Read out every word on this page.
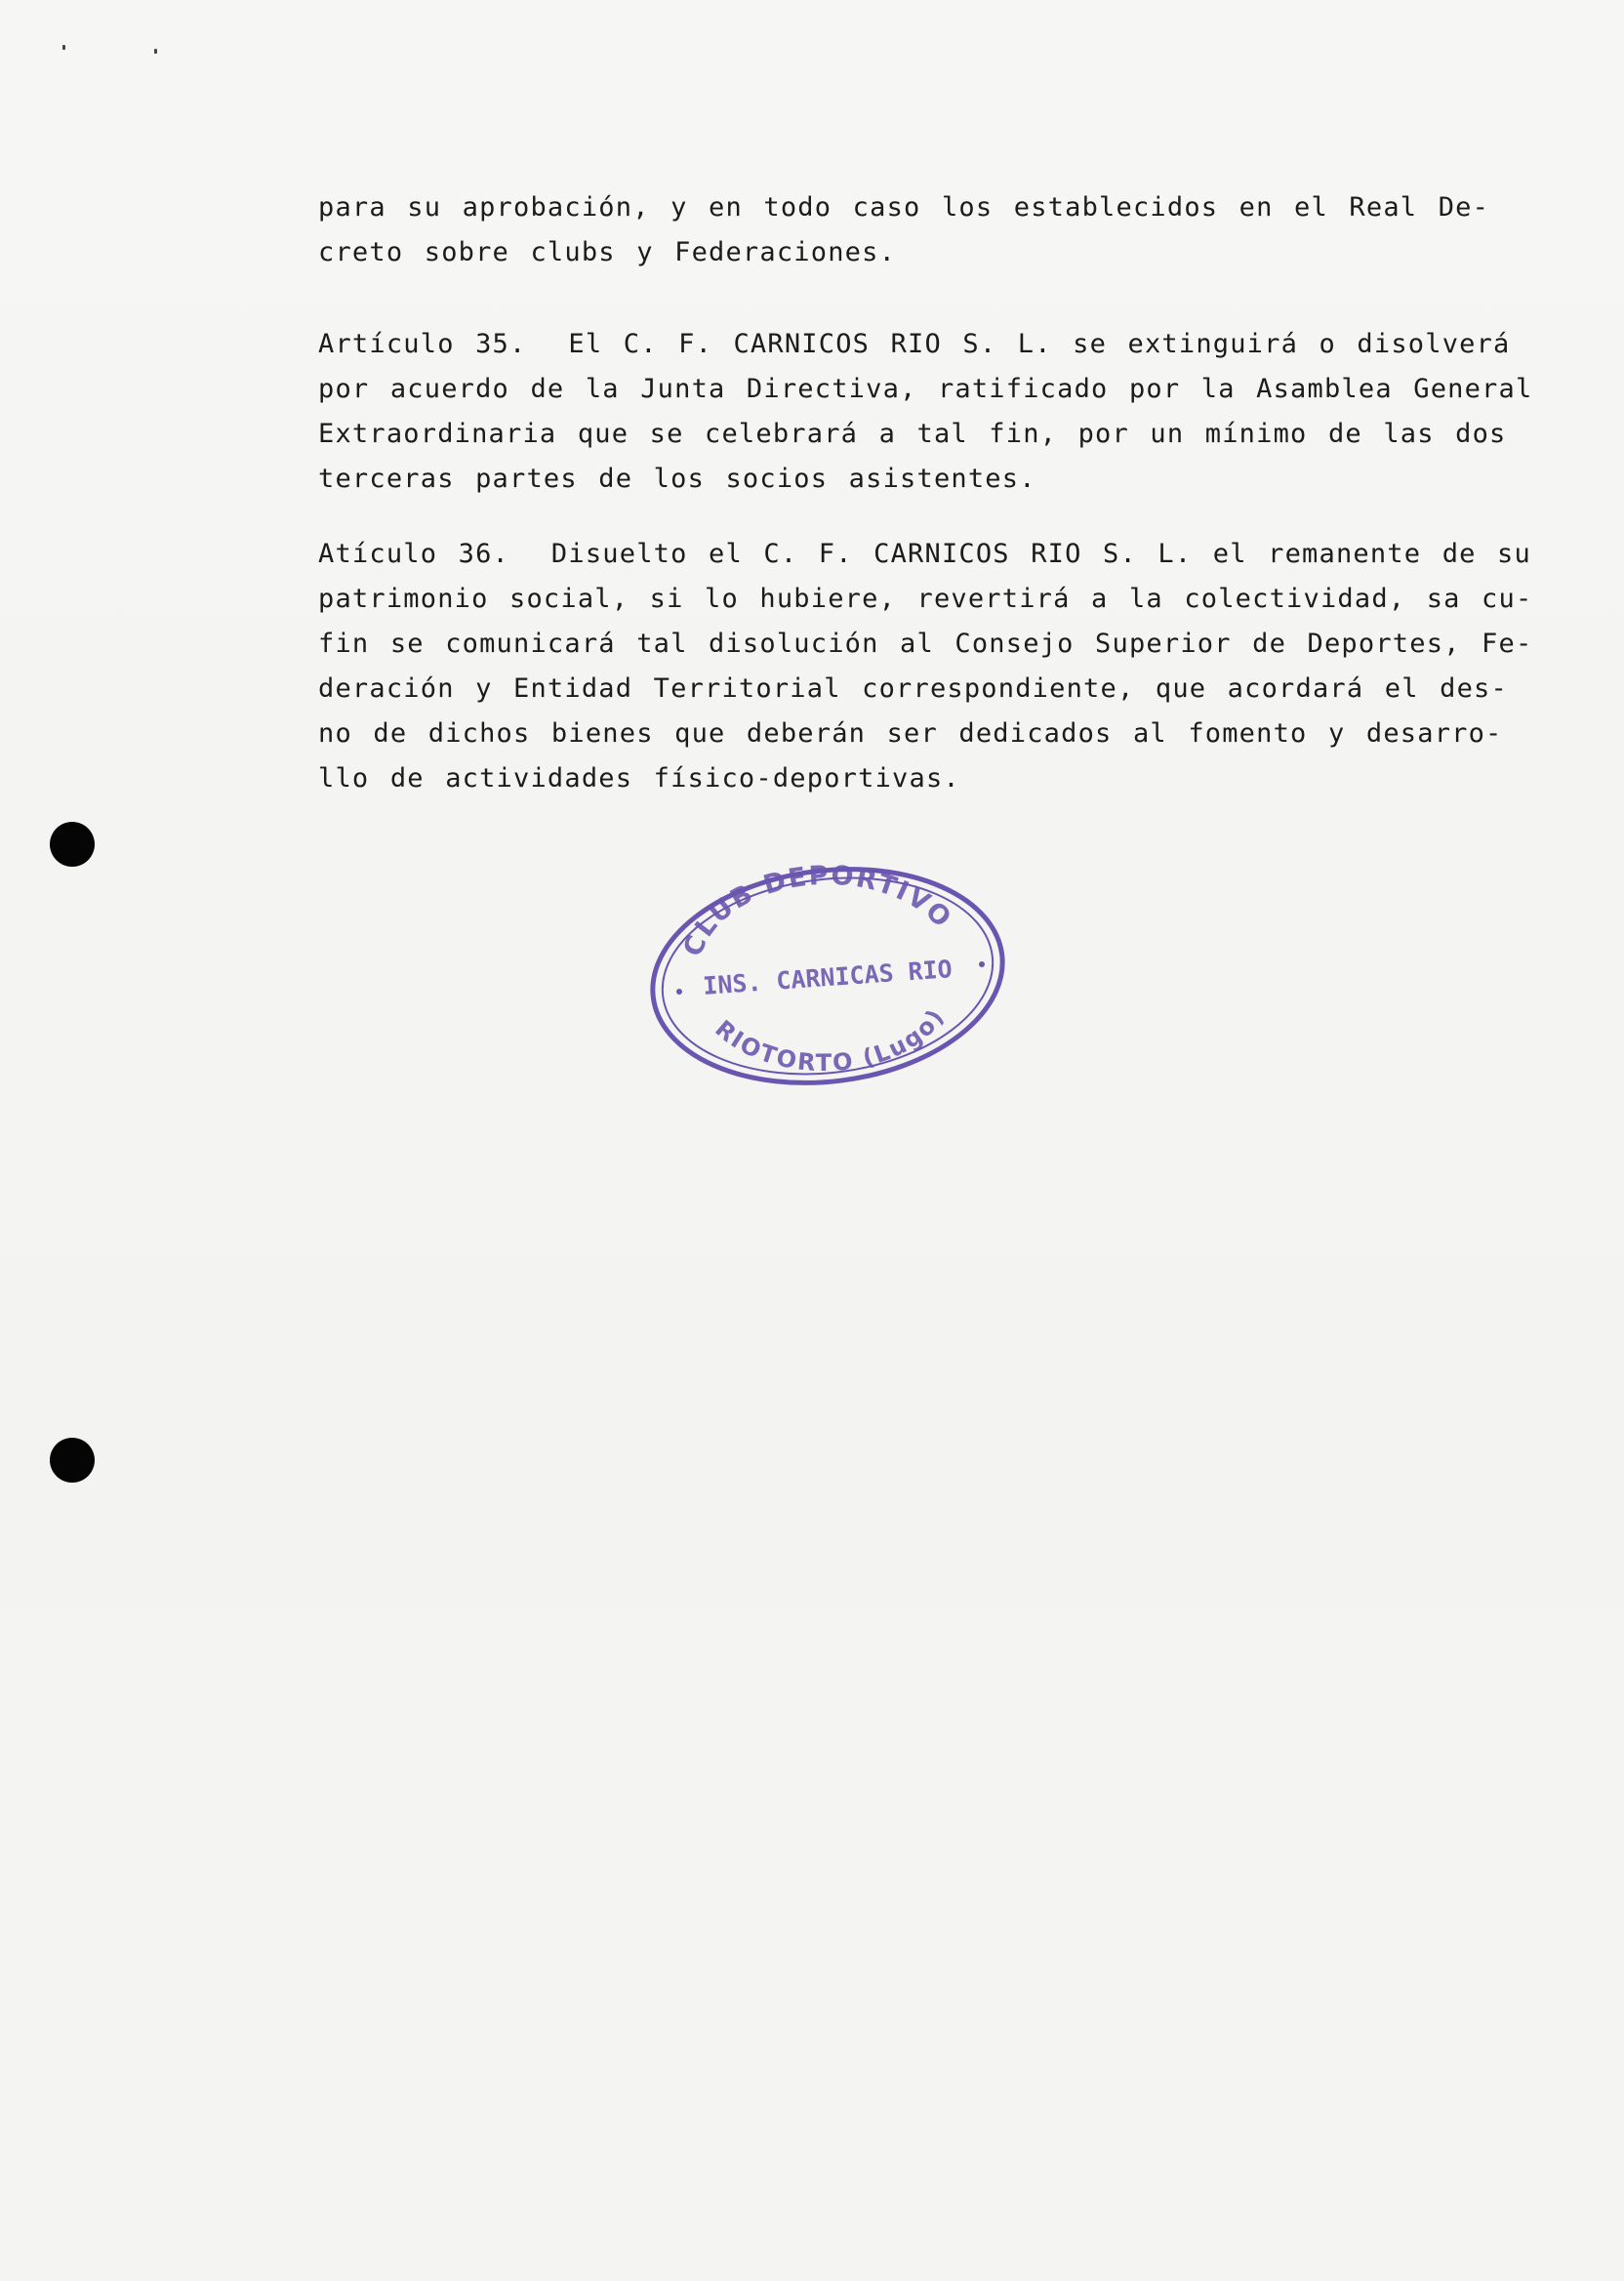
para su aprobación, y en todo caso los establecidos en el Real De-
creto sobre clubs y Federaciones.
Artículo 35.  El C. F. CARNICOS RIO S. L. se extinguirá o disolverá
por acuerdo de la Junta Directiva, ratificado por la Asamblea General
Extraordinaria que se celebrará a tal fin, por un mínimo de las dos
terceras partes de los socios asistentes.
Atículo 36.  Disuelto el C. F. CARNICOS RIO S. L. el remanente de su
patrimonio social, si lo hubiere, revertirá a la colectividad, sa cu-
fin se comunicará tal disolución al Consejo Superior de Deportes, Fe-
deración y Entidad Territorial correspondiente, que acordará el des-
no de dichos bienes que deberán ser dedicados al fomento y desarro-
llo de actividades físico-deportivas.
CLUB DEPORTIVO
INS. CARNICAS RIO
RIOTORTO (Lugo)
